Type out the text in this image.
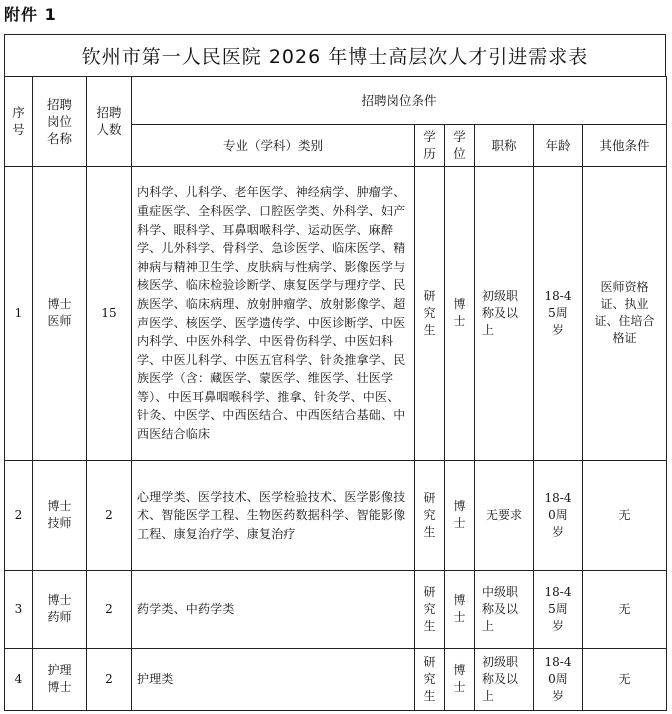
附件 1
钦州市第一人民医院 2026 年博士高层次人才引进需求表
序号	招聘岗位名称	招聘人数	招聘岗位条件					
			专业（学科）类别	学历	学位	职称	年龄	其他条件
1	博士医师	15	内科学、儿科学、老年医学、神经病学、肿瘤学、重症医学、全科医学、口腔医学类、外科学、妇产科学、眼科学、耳鼻咽喉科学、运动医学、麻醉学、儿外科学、骨科学、急诊医学、临床医学、精神病与精神卫生学、皮肤病与性病学、影像医学与核医学、临床检验诊断学、康复医学与理疗学、民族医学、临床病理、放射肿瘤学、放射影像学、超声医学、核医学、医学遗传学、中医诊断学、中医内科学、中医外科学、中医骨伤科学、中医妇科学、中医儿科学、中医五官科学、针灸推拿学、民族医学（含：藏医学、蒙医学、维医学、壮医学等）、中医耳鼻咽喉科学、推拿、针灸学、中医、针灸、中医学、中西医结合、中西医结合基础、中西医结合临床	研究生	博士	初级职称及以上	18-45周岁	医师资格证、执业证、住培合格证
2	博士技师	2	心理学类、医学技术、医学检验技术、医学影像技术、智能医学工程、生物医药数据科学、智能影像工程、康复治疗学、康复治疗	研究生	博士	无要求	18-40周岁	无
3	博士药师	2	药学类、中药学类	研究生	博士	中级职称及以上	18-45周岁	无
4	护理博士	2	护理类	研究生	博士	初级职称及以上	18-40周岁	无
